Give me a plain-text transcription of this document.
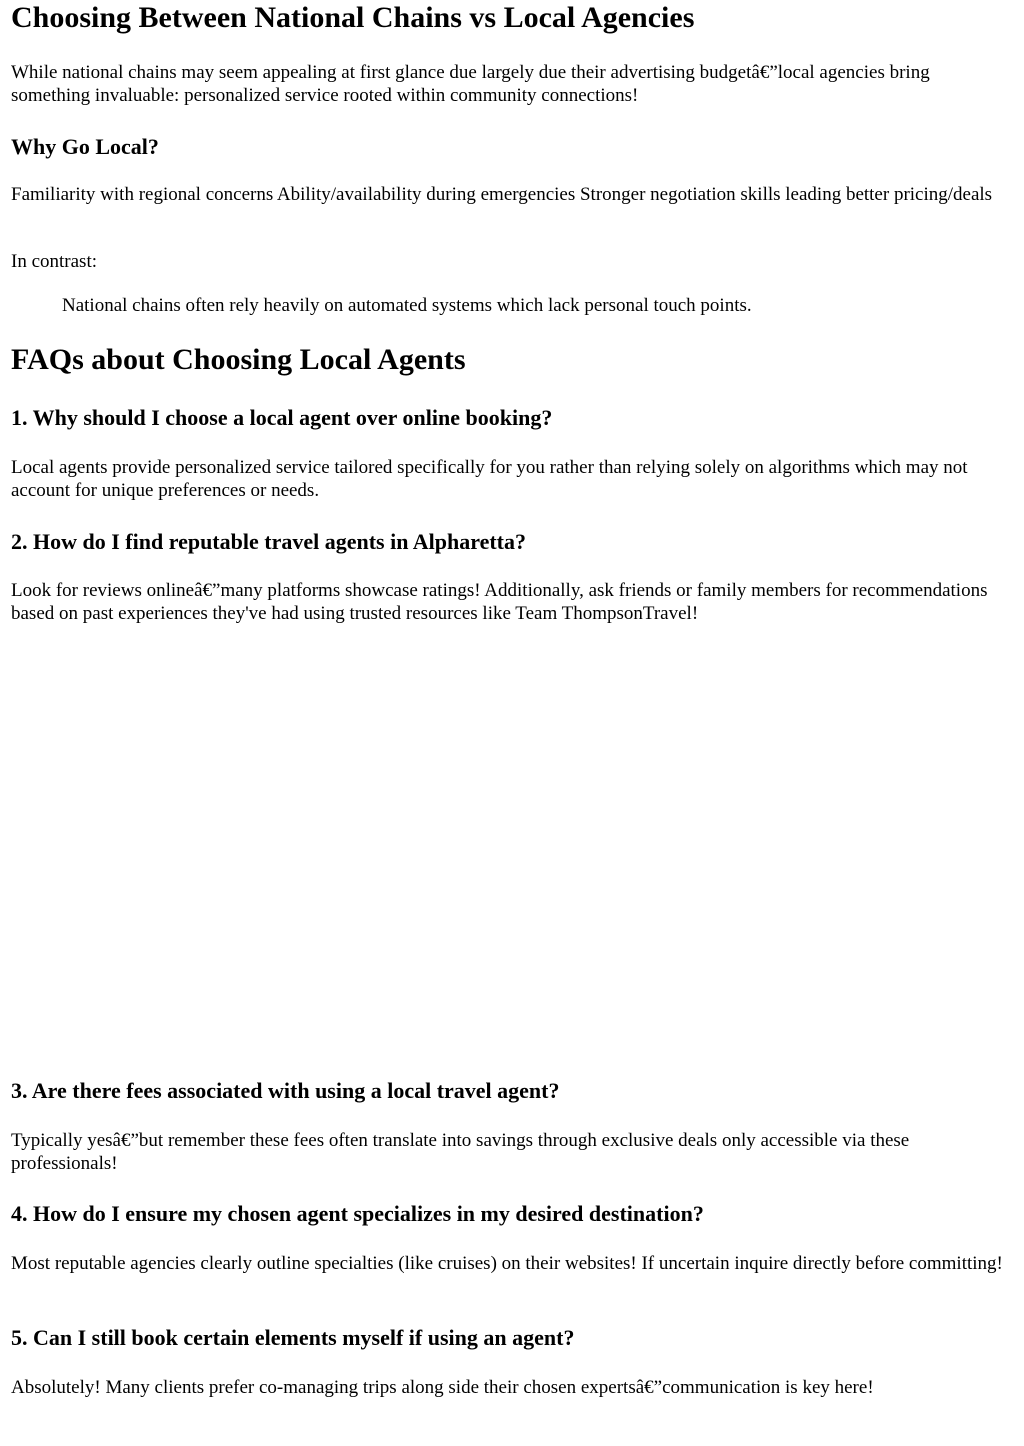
Choosing Between National Chains vs Local Agencies

While national chains may seem appealing at first glance due largely due their advertising budgetâ€”local agencies bring something invaluable: personalized service rooted within community connections!

Why Go Local?

Familiarity with regional concerns Ability/availability during emergencies Stronger negotiation skills leading better pricing/deals

In contrast:

National chains often rely heavily on automated systems which lack personal touch points.
FAQs about Choosing Local Agents
1. Why should I choose a local agent over online booking?

Local agents provide personalized service tailored specifically for you rather than relying solely on algorithms which may not account for unique preferences or needs.

2. How do I find reputable travel agents in Alpharetta?

Look for reviews onlineâ€”many platforms showcase ratings! Additionally, ask friends or family members for recommendations based on past experiences they've had using trusted resources like Team ThompsonTravel!

3. Are there fees associated with using a local travel agent?

Typically yesâ€”but remember these fees often translate into savings through exclusive deals only accessible via these professionals!

4. How do I ensure my chosen agent specializes in my desired destination?

Most reputable agencies clearly outline specialties (like cruises) on their websites! If uncertain inquire directly before committing!

5. Can I still book certain elements myself if using an agent?

Absolutely! Many clients prefer co-managing trips along side their chosen expertsâ€”communication is key here!
